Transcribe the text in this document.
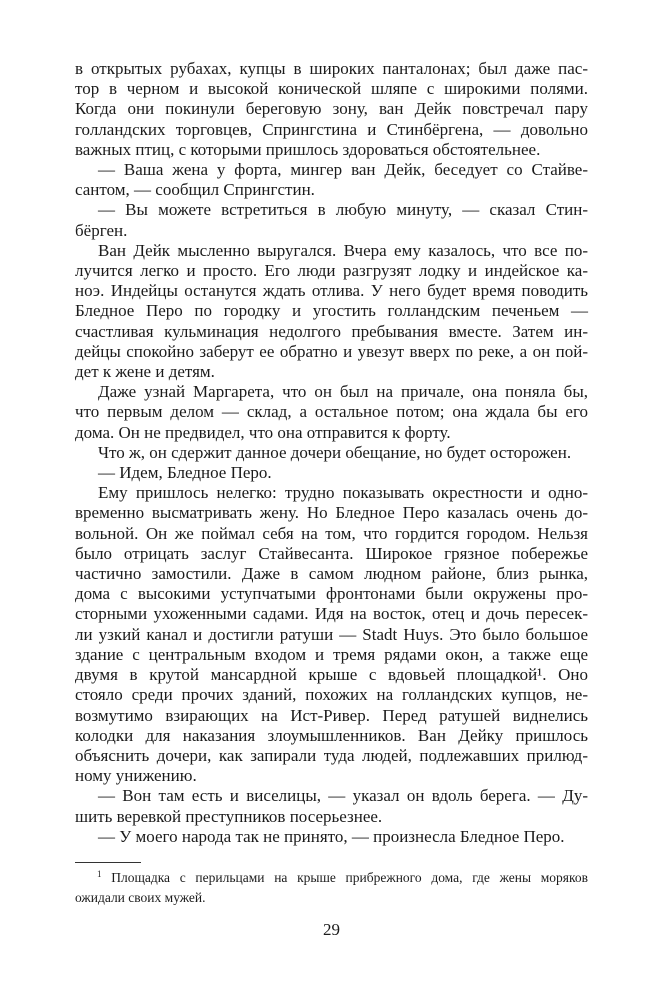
в открытых рубахах, купцы в широких панталонах; был даже пас-
тор в черном и высокой конической шляпе с широкими полями.
Когда они покинули береговую зону, ван Дейк повстречал пару
голландских торговцев, Спрингстина и Стинбёргена, — довольно
важных птиц, с которыми пришлось здороваться обстоятельнее.
— Ваша жена у форта, мингер ван Дейк, беседует со Стайве-
сантом, — сообщил Спрингстин.
— Вы можете встретиться в любую минуту, — сказал Стин-
бёрген.
Ван Дейк мысленно выругался. Вчера ему казалось, что все по-
лучится легко и просто. Его люди разгрузят лодку и индейское ка-
ноэ. Индейцы останутся ждать отлива. У него будет время поводить
Бледное Перо по городку и угостить голландским печеньем —
счастливая кульминация недолгого пребывания вместе. Затем ин-
дейцы спокойно заберут ее обратно и увезут вверх по реке, а он пой-
дет к жене и детям.
Даже узнай Маргарета, что он был на причале, она поняла бы,
что первым делом — склад, а остальное потом; она ждала бы его
дома. Он не предвидел, что она отправится к форту.
Что ж, он сдержит данное дочери обещание, но будет осторожен.
— Идем, Бледное Перо.
Ему пришлось нелегко: трудно показывать окрестности и одно-
временно высматривать жену. Но Бледное Перо казалась очень до-
вольной. Он же поймал себя на том, что гордится городом. Нельзя
было отрицать заслуг Стайвесанта. Широкое грязное побережье
частично замостили. Даже в самом людном районе, близ рынка,
дома с высокими уступчатыми фронтонами были окружены про-
сторными ухоженными садами. Идя на восток, отец и дочь пересек-
ли узкий канал и достигли ратуши — Stadt Huys. Это было большое
здание с центральным входом и тремя рядами окон, а также еще
двумя в крутой мансардной крыше с вдовьей площадкой¹. Оно
стояло среди прочих зданий, похожих на голландских купцов, не-
возмутимо взирающих на Ист-Ривер. Перед ратушей виднелись
колодки для наказания злоумышленников. Ван Дейку пришлось
объяснить дочери, как запирали туда людей, подлежавших прилюд-
ному унижению.
— Вон там есть и виселицы, — указал он вдоль берега. — Ду-
шить веревкой преступников посерьезнее.
— У моего народа так не принято, — произнесла Бледное Перо.
$^1$ Площадка с перильцами на крыше прибрежного дома, где жены моряков
ожидали своих мужей.
29
